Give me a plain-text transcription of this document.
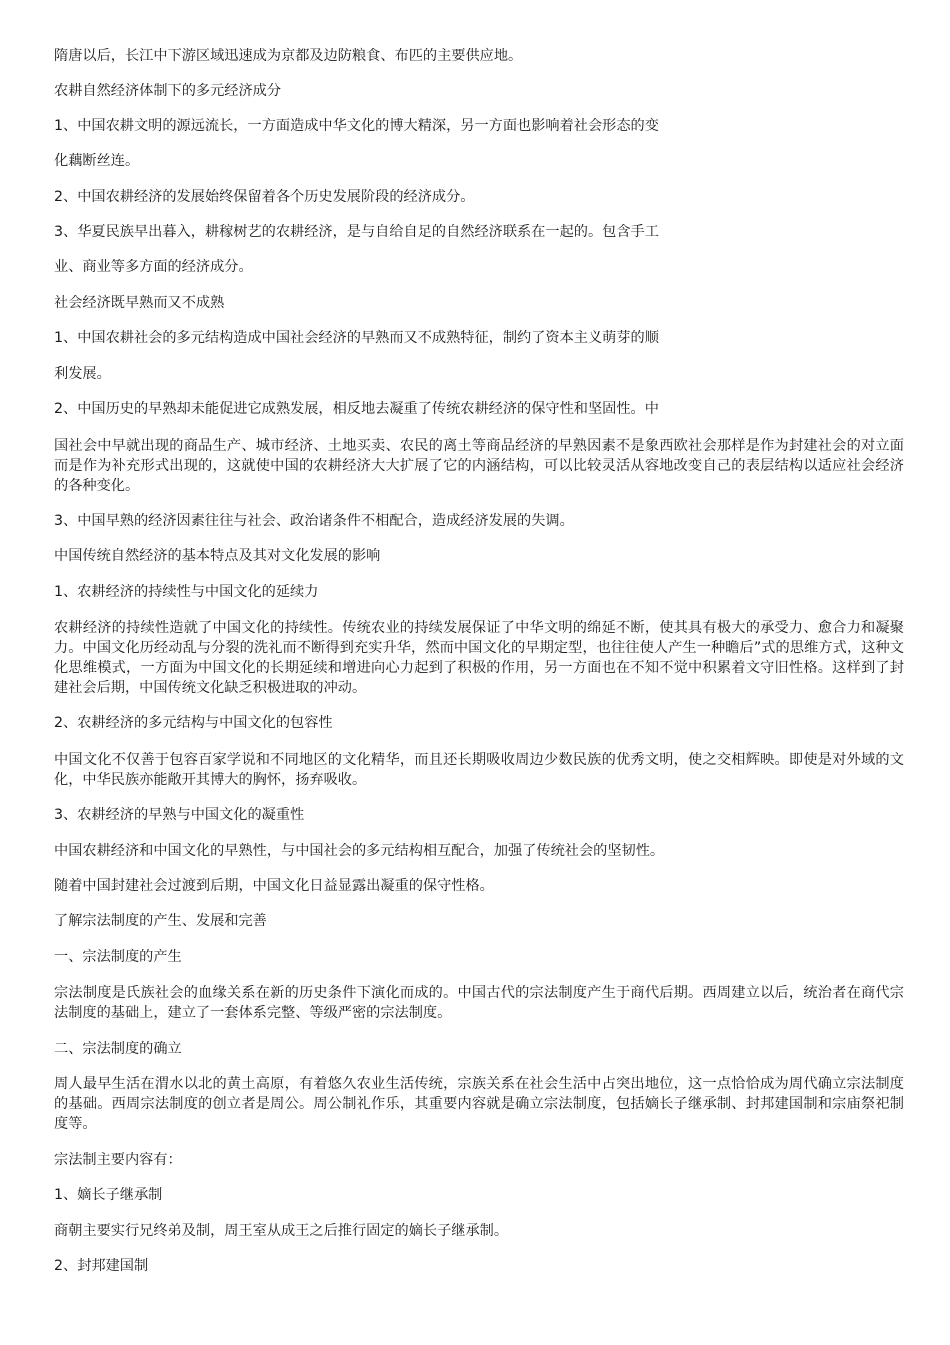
隋唐以后，长江中下游区域迅速成为京都及边防粮食、布匹的主要供应地。

农耕自然经济体制下的多元经济成分

1、中国农耕文明的源远流长，一方面造成中华文化的博大精深，另一方面也影响着社会形态的变

化藕断丝连。

2、中国农耕经济的发展始终保留着各个历史发展阶段的经济成分。

3、华夏民族早出暮入，耕稼树艺的农耕经济，是与自给自足的自然经济联系在一起的。包含手工

业、商业等多方面的经济成分。

社会经济既早熟而又不成熟

1、中国农耕社会的多元结构造成中国社会经济的早熟而又不成熟特征，制约了资本主义萌芽的顺

利发展。

2、中国历史的早熟却未能促进它成熟发展，相反地去凝重了传统农耕经济的保守性和坚固性。中

国社会中早就出现的商品生产、城市经济、土地买卖、农民的离土等商品经济的早熟因素不是象西欧社会那样是作为封建社会的对立面而是作为补充形式出现的，这就使中国的农耕经济大大扩展了它的内涵结构，可以比较灵活从容地改变自己的表层结构以适应社会经济的各种变化。

3、中国早熟的经济因素往往与社会、政治诸条件不相配合，造成经济发展的失调。

中国传统自然经济的基本特点及其对文化发展的影响

1、农耕经济的持续性与中国文化的延续力

农耕经济的持续性造就了中国文化的持续性。传统农业的持续发展保证了中华文明的绵延不断，使其具有极大的承受力、愈合力和凝聚力。中国文化历经动乱与分裂的洗礼而不断得到充实升华，然而中国文化的早期定型，也往往使人产生一种瞻后”式的思维方式，这种文化思维模式，一方面为中国文化的长期延续和增进向心力起到了积极的作用，另一方面也在不知不觉中积累着文守旧性格。这样到了封建社会后期，中国传统文化缺乏积极进取的冲动。

2、农耕经济的多元结构与中国文化的包容性

中国文化不仅善于包容百家学说和不同地区的文化精华，而且还长期吸收周边少数民族的优秀文明，使之交相辉映。即使是对外域的文化，中华民族亦能敞开其博大的胸怀，扬弃吸收。

3、农耕经济的早熟与中国文化的凝重性

中国农耕经济和中国文化的早熟性，与中国社会的多元结构相互配合，加强了传统社会的坚韧性。

随着中国封建社会过渡到后期，中国文化日益显露出凝重的保守性格。

了解宗法制度的产生、发展和完善

一、宗法制度的产生

宗法制度是氏族社会的血缘关系在新的历史条件下演化而成的。中国古代的宗法制度产生于商代后期。西周建立以后，统治者在商代宗法制度的基础上，建立了一套体系完整、等级严密的宗法制度。

二、宗法制度的确立

周人最早生活在渭水以北的黄土高原，有着悠久农业生活传统，宗族关系在社会生活中占突出地位，这一点恰恰成为周代确立宗法制度的基础。西周宗法制度的创立者是周公。周公制礼作乐，其重要内容就是确立宗法制度，包括嫡长子继承制、封邦建国制和宗庙祭祀制度等。

宗法制主要内容有：

1、嫡长子继承制

商朝主要实行兄终弟及制，周王室从成王之后推行固定的嫡长子继承制。

2、封邦建国制
